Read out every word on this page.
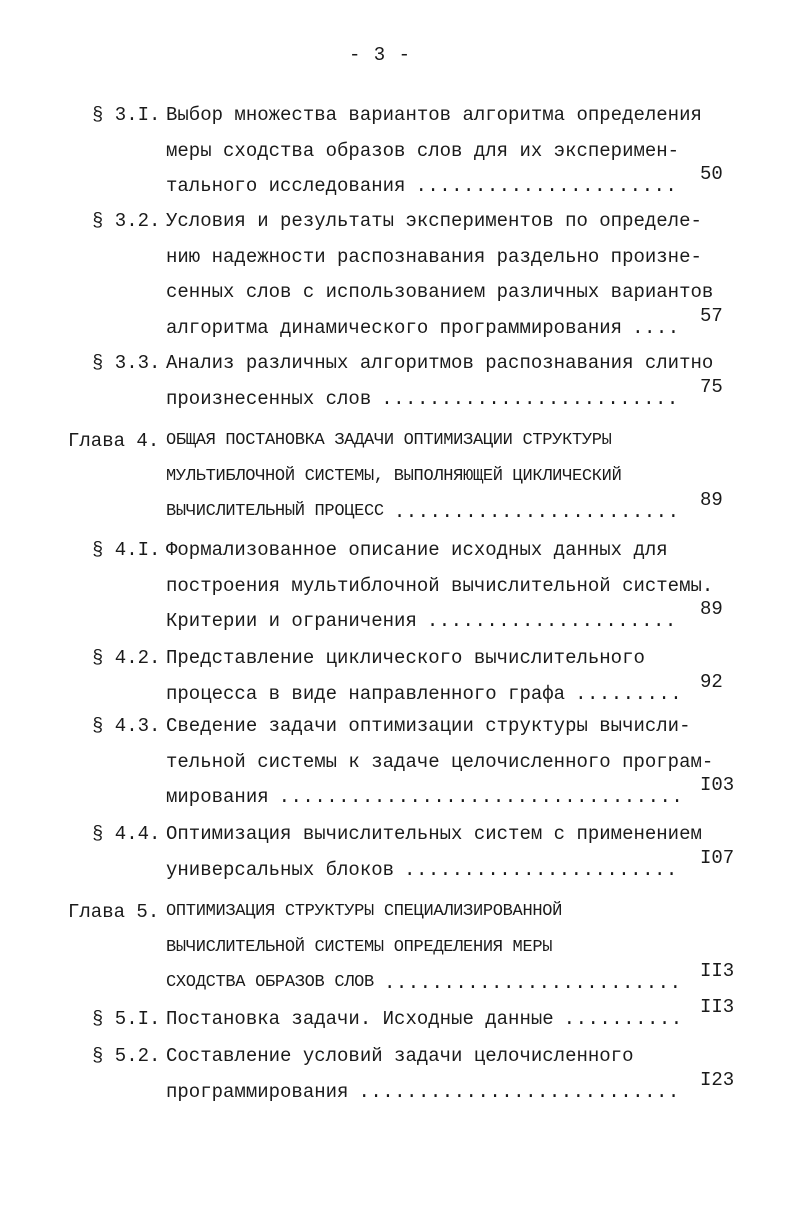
- 3 -
§ 3.I. Выбор множества вариантов алгоритма определения
меры сходства образов слов для их эксперимен-
тального исследования ......................
50
§ 3.2. Условия и результаты экспериментов по определе-
нию надежности распознавания раздельно произне-
сенных слов с использованием различных вариантов
алгоритма динамического программирования ....
57
§ 3.3. Анализ различных алгоритмов распознавания слитно
произнесенных слов .........................
75
Глава 4. ОБЩАЯ ПОСТАНОВКА ЗАДАЧИ ОПТИМИЗАЦИИ СТРУКТУРЫ
МУЛЬТИБЛОЧНОЙ СИСТЕМЫ, ВЫПОЛНЯЮЩЕЙ ЦИКЛИЧЕСКИЙ
ВЫЧИСЛИТЕЛЬНЫЙ ПРОЦЕСС ........................
89
§ 4.I. Формализованное описание исходных данных для
построения мультиблочной вычислительной системы.
Критерии и ограничения .....................
89
§ 4.2. Представление циклического вычислительного
процесса в виде направленного графа .........
92
§ 4.3. Сведение задачи оптимизации структуры вычисли-
тельной системы к задаче целочисленного програм-
мирования ..................................
I03
§ 4.4. Оптимизация вычислительных систем с применением
универсальных блоков .......................
I07
Глава 5. ОПТИМИЗАЦИЯ СТРУКТУРЫ СПЕЦИАЛИЗИРОВАННОЙ
ВЫЧИСЛИТЕЛЬНОЙ СИСТЕМЫ ОПРЕДЕЛЕНИЯ МЕРЫ
СХОДСТВА ОБРАЗОВ СЛОВ .........................
II3
§ 5.I. Постановка задачи. Исходные данные ..........
II3
§ 5.2. Составление условий задачи целочисленного
программирования ...........................
I23
